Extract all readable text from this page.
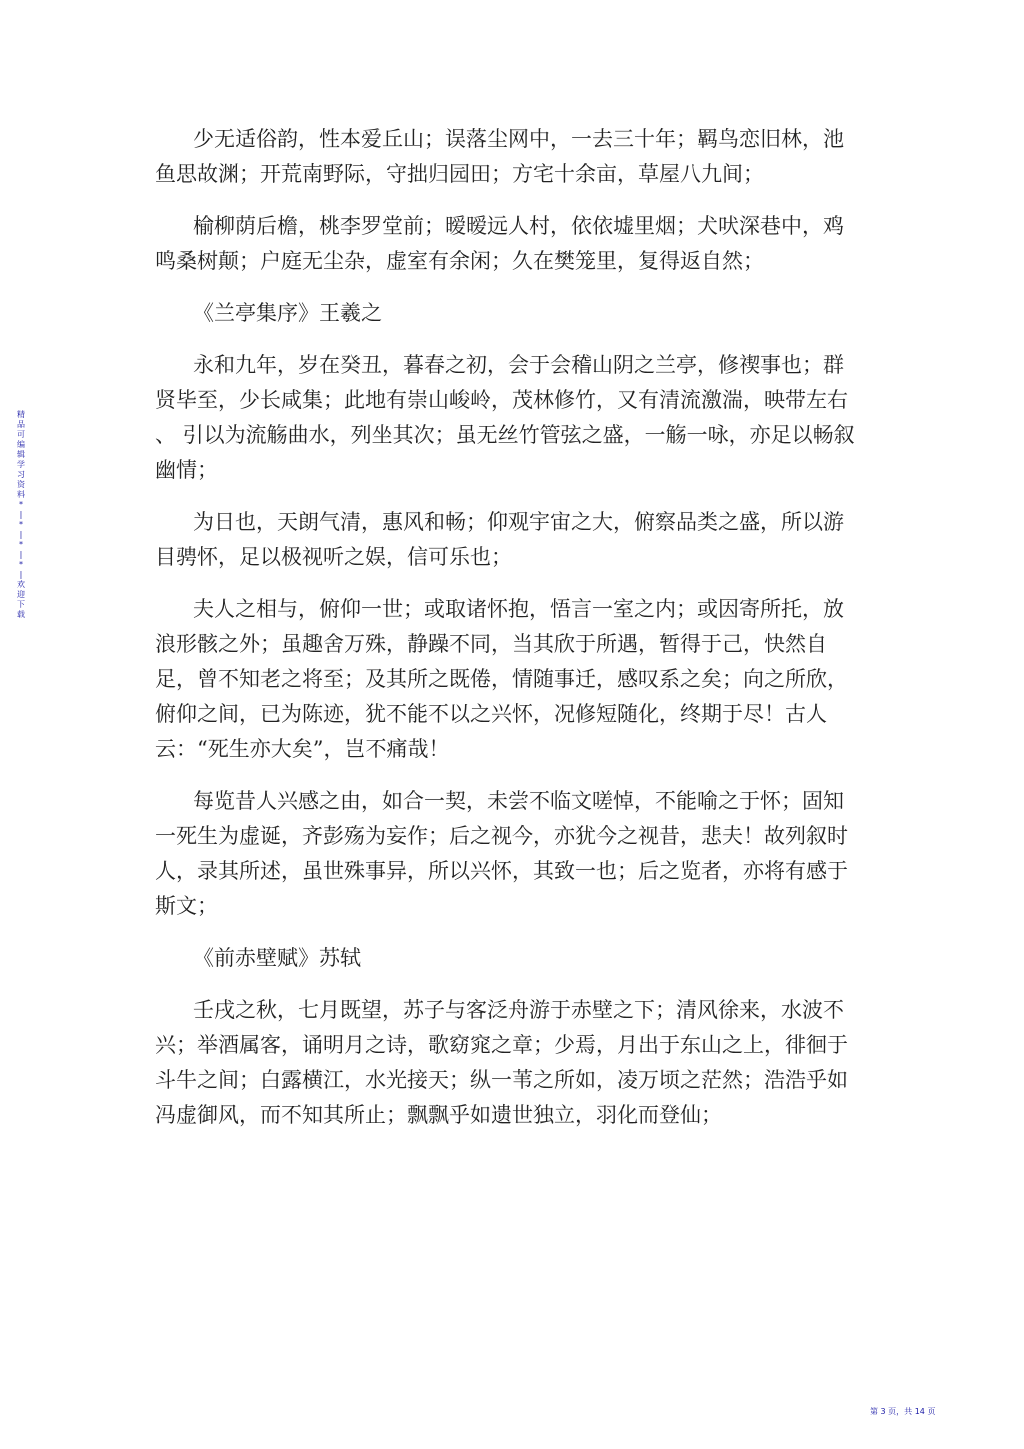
精
品
可
编
辑
学
习
资
料
*
|
*
|
*
|
*
|
欢
迎
下
载

少无适俗韵，性本爱丘山；误落尘网中，一去三十年；羁鸟恋旧林，池鱼思故渊；开荒南野际，守拙归园田；方宅十余亩，草屋八九间；

榆柳荫后檐，桃李罗堂前；暧暧远人村，依依墟里烟；犬吠深巷中，鸡鸣桑树颠；户庭无尘杂，虚室有余闲；久在樊笼里，复得返自然；

《兰亭集序》王羲之

永和九年，岁在癸丑，暮春之初，会于会稽山阴之兰亭，修禊事也；群贤毕至，少长咸集；此地有崇山峻岭，茂林修竹，又有清流激湍，映带左右 、 引以为流觞曲水，列坐其次；虽无丝竹管弦之盛，一觞一咏，亦足以畅叙幽情；

为日也，天朗气清，惠风和畅；仰观宇宙之大，俯察品类之盛，所以游目骋怀，足以极视听之娱，信可乐也；

夫人之相与，俯仰一世；或取诸怀抱，悟言一室之内；或因寄所托，放浪形骸之外；虽趣舍万殊，静躁不同，当其欣于所遇，暂得于己，快然自足，曾不知老之将至；及其所之既倦，情随事迁，感叹系之矣；向之所欣，俯仰之间，已为陈迹，犹不能不以之兴怀，况修短随化，终期于尽！古人云：“死生亦大矣”，岂不痛哉！

每览昔人兴感之由，如合一契，未尝不临文嗟悼，不能喻之于怀；固知一死生为虚诞，齐彭殇为妄作；后之视今，亦犹今之视昔，悲夫！故列叙时人，录其所述，虽世殊事异，所以兴怀，其致一也；后之览者，亦将有感于斯文；

《前赤壁赋》苏轼

壬戌之秋，七月既望，苏子与客泛舟游于赤壁之下；清风徐来，水波不兴；举酒属客，诵明月之诗，歌窈窕之章；少焉，月出于东山之上，徘徊于斗牛之间；白露横江，水光接天；纵一苇之所如，凌万顷之茫然；浩浩乎如冯虚御风，而不知其所止；飘飘乎如遗世独立，羽化而登仙；

第 3 页，共 14 页
